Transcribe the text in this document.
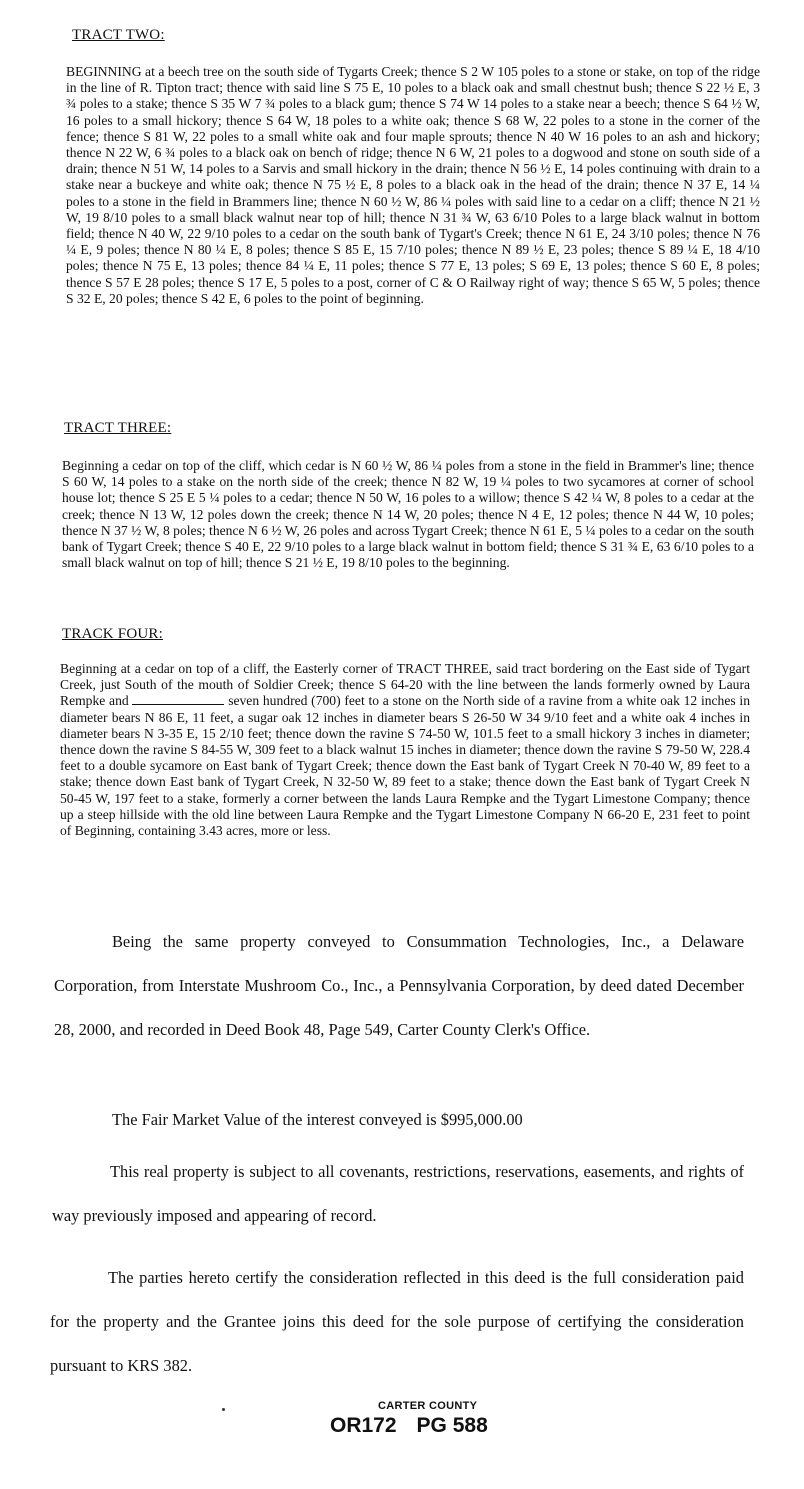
TRACT TWO:

BEGINNING at a beech tree on the south side of Tygarts Creek; thence S 2 W 105 poles to a stone or stake, on top of the ridge in the line of R. Tipton tract; thence with said line S 75 E, 10 poles to a black oak and small chestnut bush; thence S 22 ½ E, 3 ¾ poles to a stake; thence S 35 W 7 ¾ poles to a black gum; thence S 74 W 14 poles to a stake near a beech; thence S 64 ½ W, 16 poles to a small hickory; thence S 64 W, 18 poles to a white oak; thence S 68 W, 22 poles to a stone in the corner of the fence; thence S 81 W, 22 poles to a small white oak and four maple sprouts; thence N 40 W 16 poles to an ash and hickory; thence N 22 W, 6 ¾ poles to a black oak on bench of ridge; thence N 6 W, 21 poles to a dogwood and stone on south side of a drain; thence N 51 W, 14 poles to a Sarvis and small hickory in the drain; thence N 56 ½ E, 14 poles continuing with drain to a stake near a buckeye and white oak; thence N 75 ½ E, 8 poles to a black oak in the head of the drain; thence N 37 E, 14 ¼ poles to a stone in the field in Brammers line; thence N 60 ½ W, 86 ¼ poles with said line to a cedar on a cliff; thence N 21 ½ W, 19 8/10 poles to a small black walnut near top of hill; thence N 31 ¾ W, 63 6/10 Poles to a large black walnut in bottom field; thence N 40 W, 22 9/10 poles to a cedar on the south bank of Tygart's Creek; thence N 61 E, 24 3/10 poles; thence N 76 ¼ E, 9 poles; thence N 80 ¼ E, 8 poles; thence S 85 E, 15 7/10 poles; thence N 89 ½ E, 23 poles; thence S 89 ¼ E, 18 4/10 poles; thence N 75 E, 13 poles; thence 84 ¼ E, 11 poles; thence S 77 E, 13 poles; S 69 E, 13 poles; thence S 60 E, 8 poles; thence S 57 E 28 poles; thence S 17 E, 5 poles to a post, corner of C & O Railway right of way; thence S 65 W, 5 poles; thence S 32 E, 20 poles; thence S 42 E, 6 poles to the point of beginning.

TRACT THREE:

Beginning a cedar on top of the cliff, which cedar is N 60 ½ W, 86 ¼ poles from a stone in the field in Brammer's line; thence S 60 W, 14 poles to a stake on the north side of the creek; thence N 82 W, 19 ¼ poles to two sycamores at corner of school house lot; thence S 25 E 5 ¼ poles to a cedar; thence N 50 W, 16 poles to a willow; thence S 42 ¼ W, 8 poles to a cedar at the creek; thence N 13 W, 12 poles down the creek; thence N 14 W, 20 poles; thence N 4 E, 12 poles; thence N 44 W, 10 poles; thence N 37 ½ W, 8 poles; thence N 6 ½ W, 26 poles and across Tygart Creek; thence N 61 E, 5 ¼ poles to a cedar on the south bank of Tygart Creek; thence S 40 E, 22 9/10 poles to a large black walnut in bottom field; thence S 31 ¾ E, 63 6/10 poles to a small black walnut on top of hill; thence S 21 ½ E, 19 8/10 poles to the beginning.

TRACK FOUR:

Beginning at a cedar on top of a cliff, the Easterly corner of TRACT THREE, said tract bordering on the East side of Tygart Creek, just South of the mouth of Soldier Creek; thence S 64-20 with the line between the lands formerly owned by Laura Rempke and	seven hundred (700) feet to a stone on the North side of a ravine from a white oak 12 inches in diameter bears N 86 E, 11 feet, a sugar oak 12 inches in diameter bears S 26-50 W 34 9/10 feet and a white oak 4 inches in diameter bears N 3-35 E, 15 2/10 feet; thence down the ravine S 74-50 W, 101.5 feet to a small hickory 3 inches in diameter; thence down the ravine S 84-55 W, 309 feet to a black walnut 15 inches in diameter; thence down the ravine S 79-50 W, 228.4 feet to a double sycamore on East bank of Tygart Creek; thence down the East bank of Tygart Creek N 70-40 W, 89 feet to a stake; thence down East bank of Tygart Creek, N 32-50 W, 89 feet to a stake; thence down the East bank of Tygart Creek N 50-45 W, 197 feet to a stake, formerly a corner between the lands Laura Rempke and the Tygart Limestone Company; thence up a steep hillside with the old line between Laura Rempke and the Tygart Limestone Company N 66-20 E, 231 feet to point of Beginning, containing 3.43 acres, more or less.

Being the same property conveyed to Consummation Technologies, Inc., a Delaware Corporation, from Interstate Mushroom Co., Inc., a Pennsylvania Corporation, by deed dated December 28, 2000, and recorded in Deed Book 48, Page 549, Carter County Clerk's Office.

The Fair Market Value of the interest conveyed is $995,000.00

This real property is subject to all covenants, restrictions, reservations, easements, and rights of way previously imposed and appearing of record.

The parties hereto certify the consideration reflected in this deed is the full consideration paid for the property and the Grantee joins this deed for the sole purpose of certifying the consideration pursuant to KRS 382.

CARTER COUNTY
OR172 PG 588
